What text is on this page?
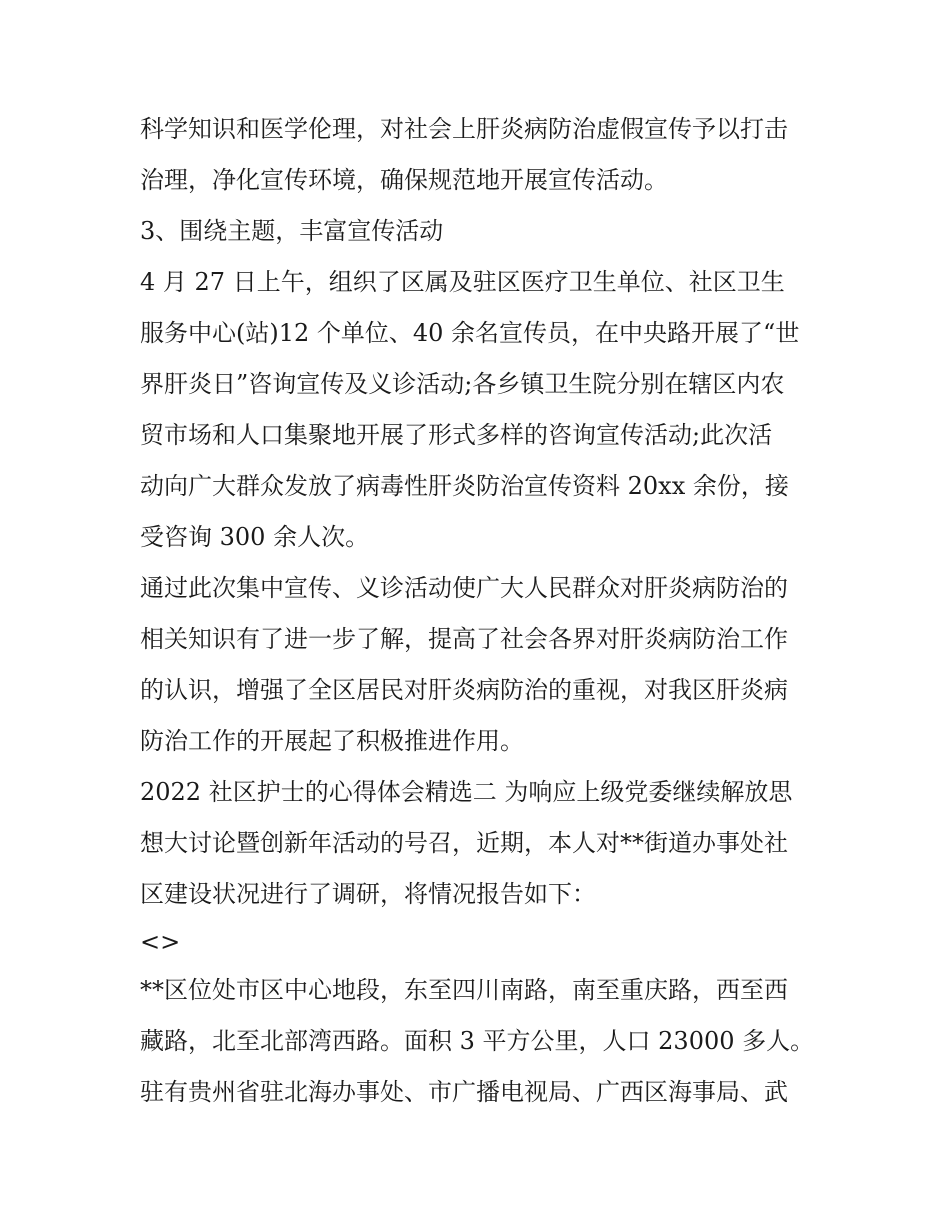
科学知识和医学伦理，对社会上肝炎病防治虚假宣传予以打击
治理，净化宣传环境，确保规范地开展宣传活动。
3、围绕主题，丰富宣传活动
4 月 27 日上午，组织了区属及驻区医疗卫生单位、社区卫生
服务中心(站)12 个单位、40 余名宣传员，在中央路开展了“世
界肝炎日”咨询宣传及义诊活动;各乡镇卫生院分别在辖区内农
贸市场和人口集聚地开展了形式多样的咨询宣传活动;此次活
动向广大群众发放了病毒性肝炎防治宣传资料 20xx 余份，接
受咨询 300 余人次。
通过此次集中宣传、义诊活动使广大人民群众对肝炎病防治的
相关知识有了进一步了解，提高了社会各界对肝炎病防治工作
的认识，增强了全区居民对肝炎病防治的重视，对我区肝炎病
防治工作的开展起了积极推进作用。
2022 社区护士的心得体会精选二 为响应上级党委继续解放思
想大讨论暨创新年活动的号召，近期，本人对**街道办事处社
区建设状况进行了调研，将情况报告如下：
<>
**区位处市区中心地段，东至四川南路，南至重庆路，西至西
藏路，北至北部湾西路。面积 3 平方公里，人口 23000 多人。
驻有贵州省驻北海办事处、市广播电视局、广西区海事局、武
